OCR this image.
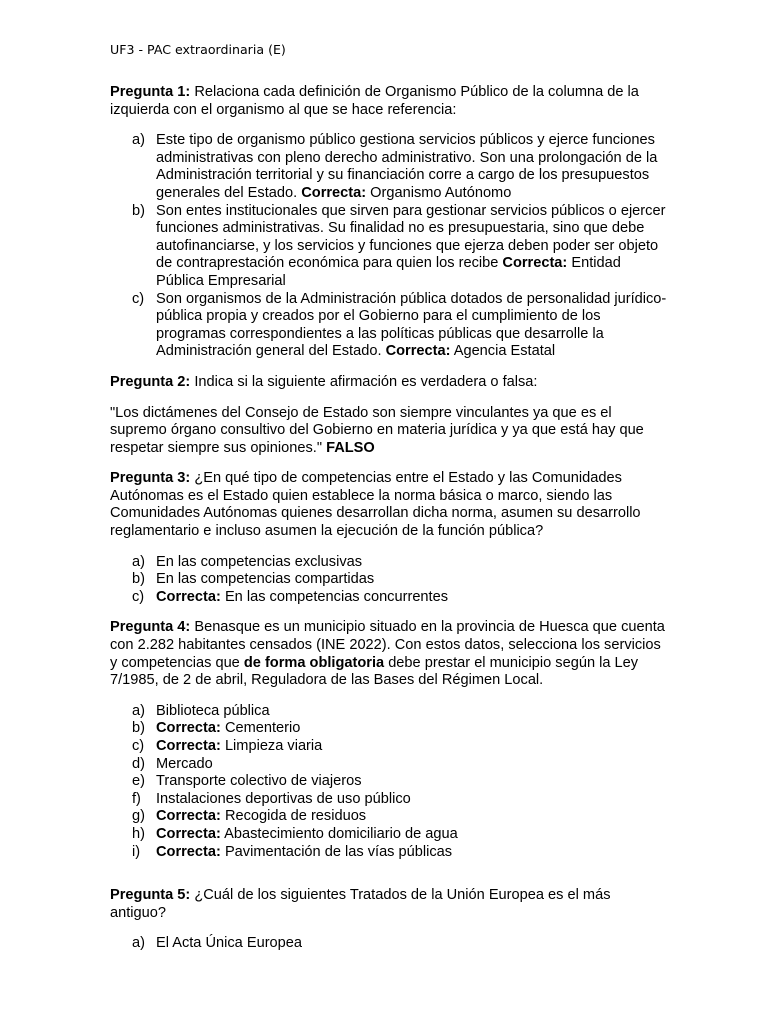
UF3 - PAC extraordinaria (E)

Pregunta 1: Relaciona cada definición de Organismo Público de la columna de la izquierda con el organismo al que se hace referencia:

a) Este tipo de organismo público gestiona servicios públicos y ejerce funciones administrativas con pleno derecho administrativo. Son una prolongación de la Administración territorial y su financiación corre a cargo de los presupuestos generales del Estado. Correcta: Organismo Autónomo
b) Son entes institucionales que sirven para gestionar servicios públicos o ejercer funciones administrativas. Su finalidad no es presupuestaria, sino que debe autofinanciarse, y los servicios y funciones que ejerza deben poder ser objeto de contraprestación económica para quien los recibe Correcta: Entidad Pública Empresarial
c) Son organismos de la Administración pública dotados de personalidad jurídico-pública propia y creados por el Gobierno para el cumplimiento de los programas correspondientes a las políticas públicas que desarrolle la Administración general del Estado. Correcta: Agencia Estatal

Pregunta 2: Indica si la siguiente afirmación es verdadera o falsa:

"Los dictámenes del Consejo de Estado son siempre vinculantes ya que es el supremo órgano consultivo del Gobierno en materia jurídica y ya que está hay que respetar siempre sus opiniones." FALSO

Pregunta 3: ¿En qué tipo de competencias entre el Estado y las Comunidades Autónomas es el Estado quien establece la norma básica o marco, siendo las Comunidades Autónomas quienes desarrollan dicha norma, asumen su desarrollo reglamentario e incluso asumen la ejecución de la función pública?

a) En las competencias exclusivas
b) En las competencias compartidas
c) Correcta: En las competencias concurrentes

Pregunta 4: Benasque es un municipio situado en la provincia de Huesca que cuenta con 2.282 habitantes censados (INE 2022). Con estos datos, selecciona los servicios y competencias que de forma obligatoria debe prestar el municipio según la Ley 7/1985, de 2 de abril, Reguladora de las Bases del Régimen Local.

a) Biblioteca pública
b) Correcta: Cementerio
c) Correcta: Limpieza viaria
d) Mercado
e) Transporte colectivo de viajeros
f) Instalaciones deportivas de uso público
g) Correcta: Recogida de residuos
h) Correcta: Abastecimiento domiciliario de agua
i) Correcta: Pavimentación de las vías públicas

Pregunta 5: ¿Cuál de los siguientes Tratados de la Unión Europea es el más antiguo?

a) El Acta Única Europea
